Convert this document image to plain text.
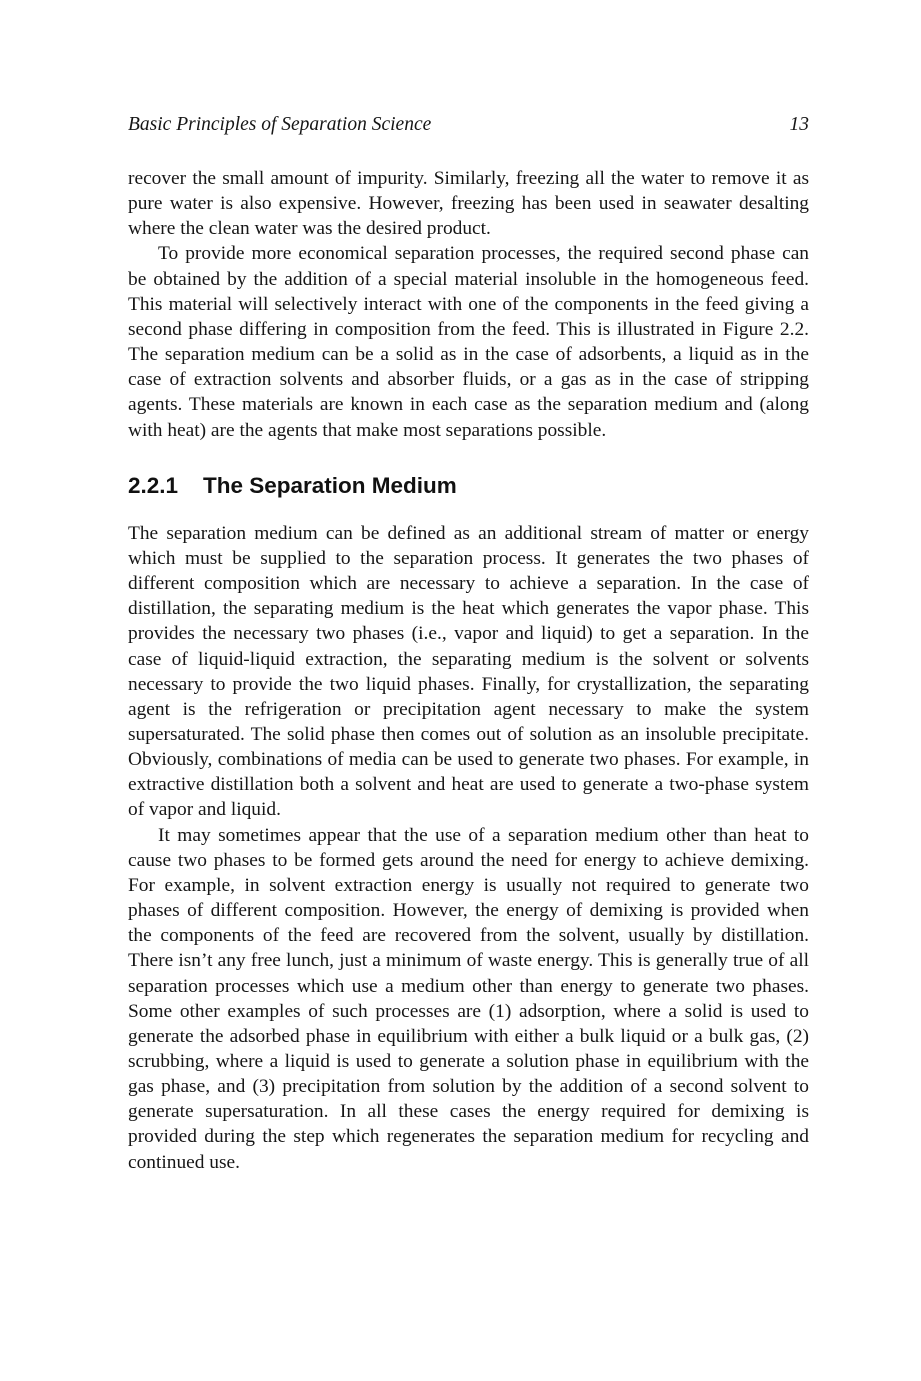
Basic Principles of Separation Science	13

recover the small amount of impurity. Similarly, freezing all the water to remove it as pure water is also expensive. However, freezing has been used in seawater desalting where the clean water was the desired product.

To provide more economical separation processes, the required second phase can be obtained by the addition of a special material insoluble in the homogeneous feed. This material will selectively interact with one of the components in the feed giving a second phase differing in composition from the feed. This is illustrated in Figure 2.2. The separation medium can be a solid as in the case of adsorbents, a liquid as in the case of extraction solvents and absorber fluids, or a gas as in the case of stripping agents. These materials are known in each case as the separation medium and (along with heat) are the agents that make most separations possible.

2.2.1 The Separation Medium

The separation medium can be defined as an additional stream of matter or energy which must be supplied to the separation process. It generates the two phases of different composition which are necessary to achieve a separation. In the case of distillation, the separating medium is the heat which generates the vapor phase. This provides the necessary two phases (i.e., vapor and liquid) to get a separation. In the case of liquid-liquid extraction, the separating medium is the solvent or solvents necessary to provide the two liquid phases. Finally, for crystallization, the separating agent is the refrigeration or precipitation agent necessary to make the system supersaturated. The solid phase then comes out of solution as an insoluble precipitate. Obviously, combinations of media can be used to generate two phases. For example, in extractive distillation both a solvent and heat are used to generate a two-phase system of vapor and liquid.

It may sometimes appear that the use of a separation medium other than heat to cause two phases to be formed gets around the need for energy to achieve demixing. For example, in solvent extraction energy is usually not required to generate two phases of different composition. However, the energy of demixing is provided when the components of the feed are recovered from the solvent, usually by distillation. There isn’t any free lunch, just a minimum of waste energy. This is generally true of all separation processes which use a medium other than energy to generate two phases. Some other examples of such processes are (1) adsorption, where a solid is used to generate the adsorbed phase in equilibrium with either a bulk liquid or a bulk gas, (2) scrubbing, where a liquid is used to generate a solution phase in equilibrium with the gas phase, and (3) precipitation from solution by the addition of a second solvent to generate supersaturation. In all these cases the energy required for demixing is provided during the step which regenerates the separation medium for recycling and continued use.
